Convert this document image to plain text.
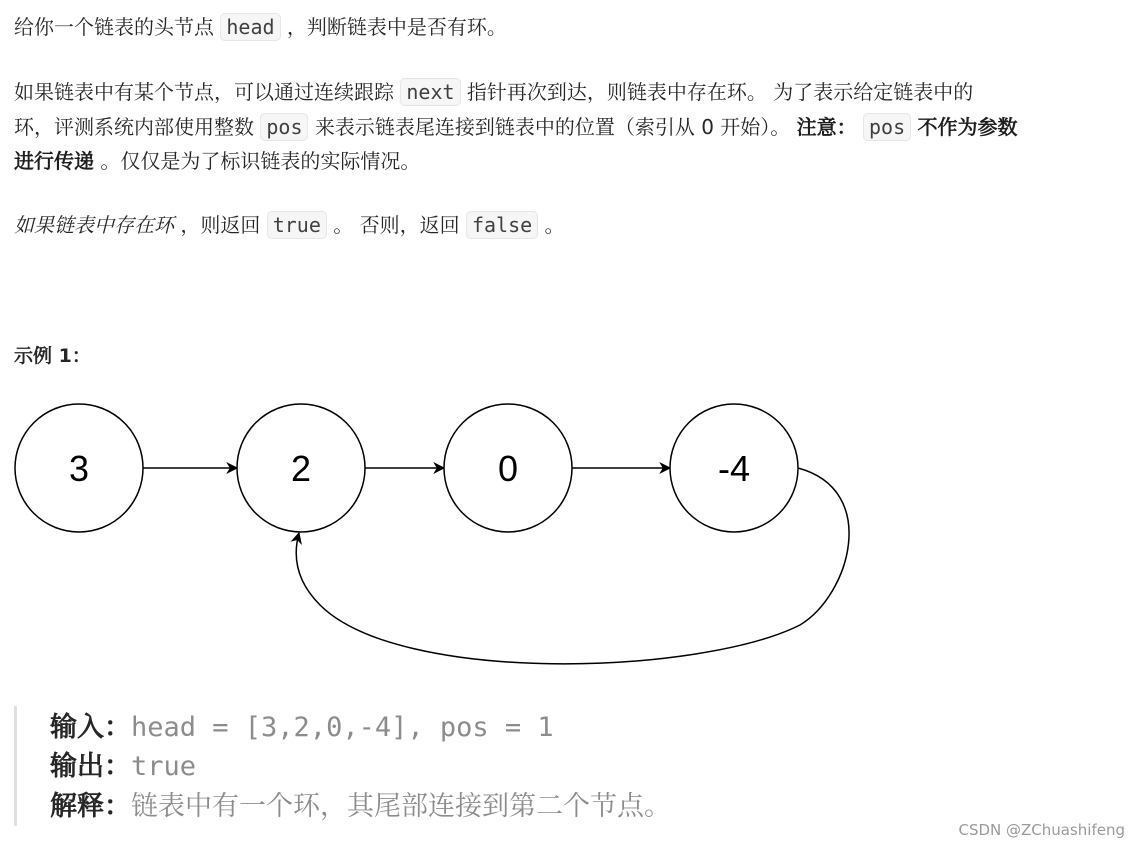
给你一个链表的头节点 head ，判断链表中是否有环。
如果链表中有某个节点，可以通过连续跟踪 next 指针再次到达，则链表中存在环。 为了表示给定链表中的
环，评测系统内部使用整数 pos 来表示链表尾连接到链表中的位置（索引从 0 开始）。 注意： pos 不作为参数
进行传递 。仅仅是为了标识链表的实际情况。
如果链表中存在环 ，则返回 true 。 否则，返回 false 。
示例 1：
3	2	0	-4
输入：head = [3,2,0,-4], pos = 1
输出：true
解释：链表中有一个环，其尾部连接到第二个节点。
CSDN @ZChuashifeng
